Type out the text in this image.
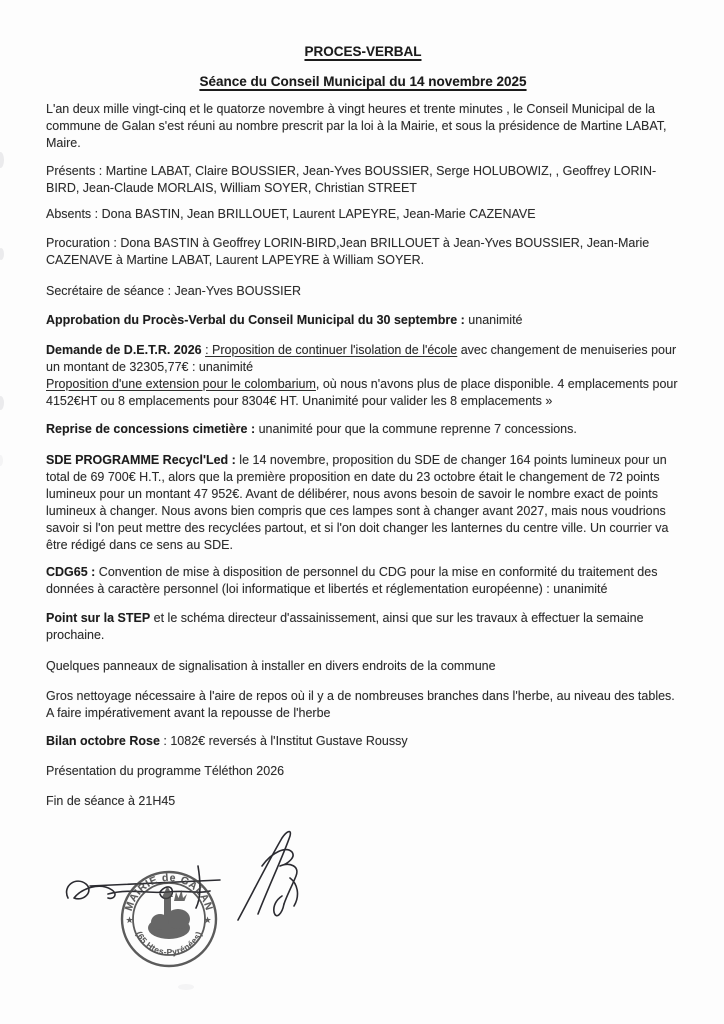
PROCES-VERBAL

Séance du Conseil Municipal du 14 novembre 2025

L'an deux mille vingt-cinq et le quatorze novembre à vingt heures et trente minutes , le Conseil Municipal de la commune de Galan s'est réuni au nombre prescrit par la loi à la Mairie, et sous la présidence de Martine LABAT, Maire.

Présents : Martine LABAT, Claire BOUSSIER, Jean-Yves BOUSSIER, Serge HOLUBOWIZ, , Geoffrey LORIN-BIRD, Jean-Claude MORLAIS, William SOYER, Christian STREET

Absents : Dona BASTIN, Jean BRILLOUET, Laurent LAPEYRE, Jean-Marie CAZENAVE

Procuration : Dona BASTIN à Geoffrey LORIN-BIRD,Jean BRILLOUET à Jean-Yves BOUSSIER, Jean-Marie CAZENAVE à Martine LABAT, Laurent LAPEYRE à William SOYER.

Secrétaire de séance : Jean-Yves BOUSSIER

Approbation du Procès-Verbal du Conseil Municipal du 30 septembre : unanimité

Demande de D.E.T.R. 2026 : Proposition de continuer l'isolation de l'école avec changement de menuiseries pour un montant de 32305,77€ : unanimité
Proposition d'une extension pour le colombarium, où nous n'avons plus de place disponible. 4 emplacements pour 4152€HT ou 8 emplacements pour 8304€ HT. Unanimité pour valider les 8 emplacements »

Reprise de concessions cimetière : unanimité pour que la commune reprenne 7 concessions.

SDE PROGRAMME Recycl'Led : le 14 novembre, proposition du SDE de changer 164 points lumineux pour un total de 69 700€ H.T., alors que la première proposition en date du 23 octobre était le changement de 72 points lumineux pour un montant 47 952€. Avant de délibérer, nous avons besoin de savoir le nombre exact de points lumineux à changer. Nous avons bien compris que ces lampes sont à changer avant 2027, mais nous voudrions savoir si l'on peut mettre des recyclées partout, et si l'on doit changer les lanternes du centre ville. Un courrier va être rédigé dans ce sens au SDE.

CDG65 : Convention de mise à disposition de personnel du CDG pour la mise en conformité du traitement des données à caractère personnel (loi informatique et libertés et réglementation européenne) : unanimité

Point sur la STEP et le schéma directeur d'assainissement, ainsi que sur les travaux à effectuer la semaine prochaine.

Quelques panneaux de signalisation à installer en divers endroits de la commune

Gros nettoyage nécessaire à l'aire de repos où il y a de nombreuses branches dans l'herbe, au niveau des tables. A faire impérativement avant la repousse de l'herbe

Bilan octobre Rose : 1082€ reversés à l'Institut Gustave Roussy

Présentation du programme Téléthon 2026

Fin de séance à 21H45

MAIRIE de GALAN
(65 Htes-Pyrénées)
★	★
